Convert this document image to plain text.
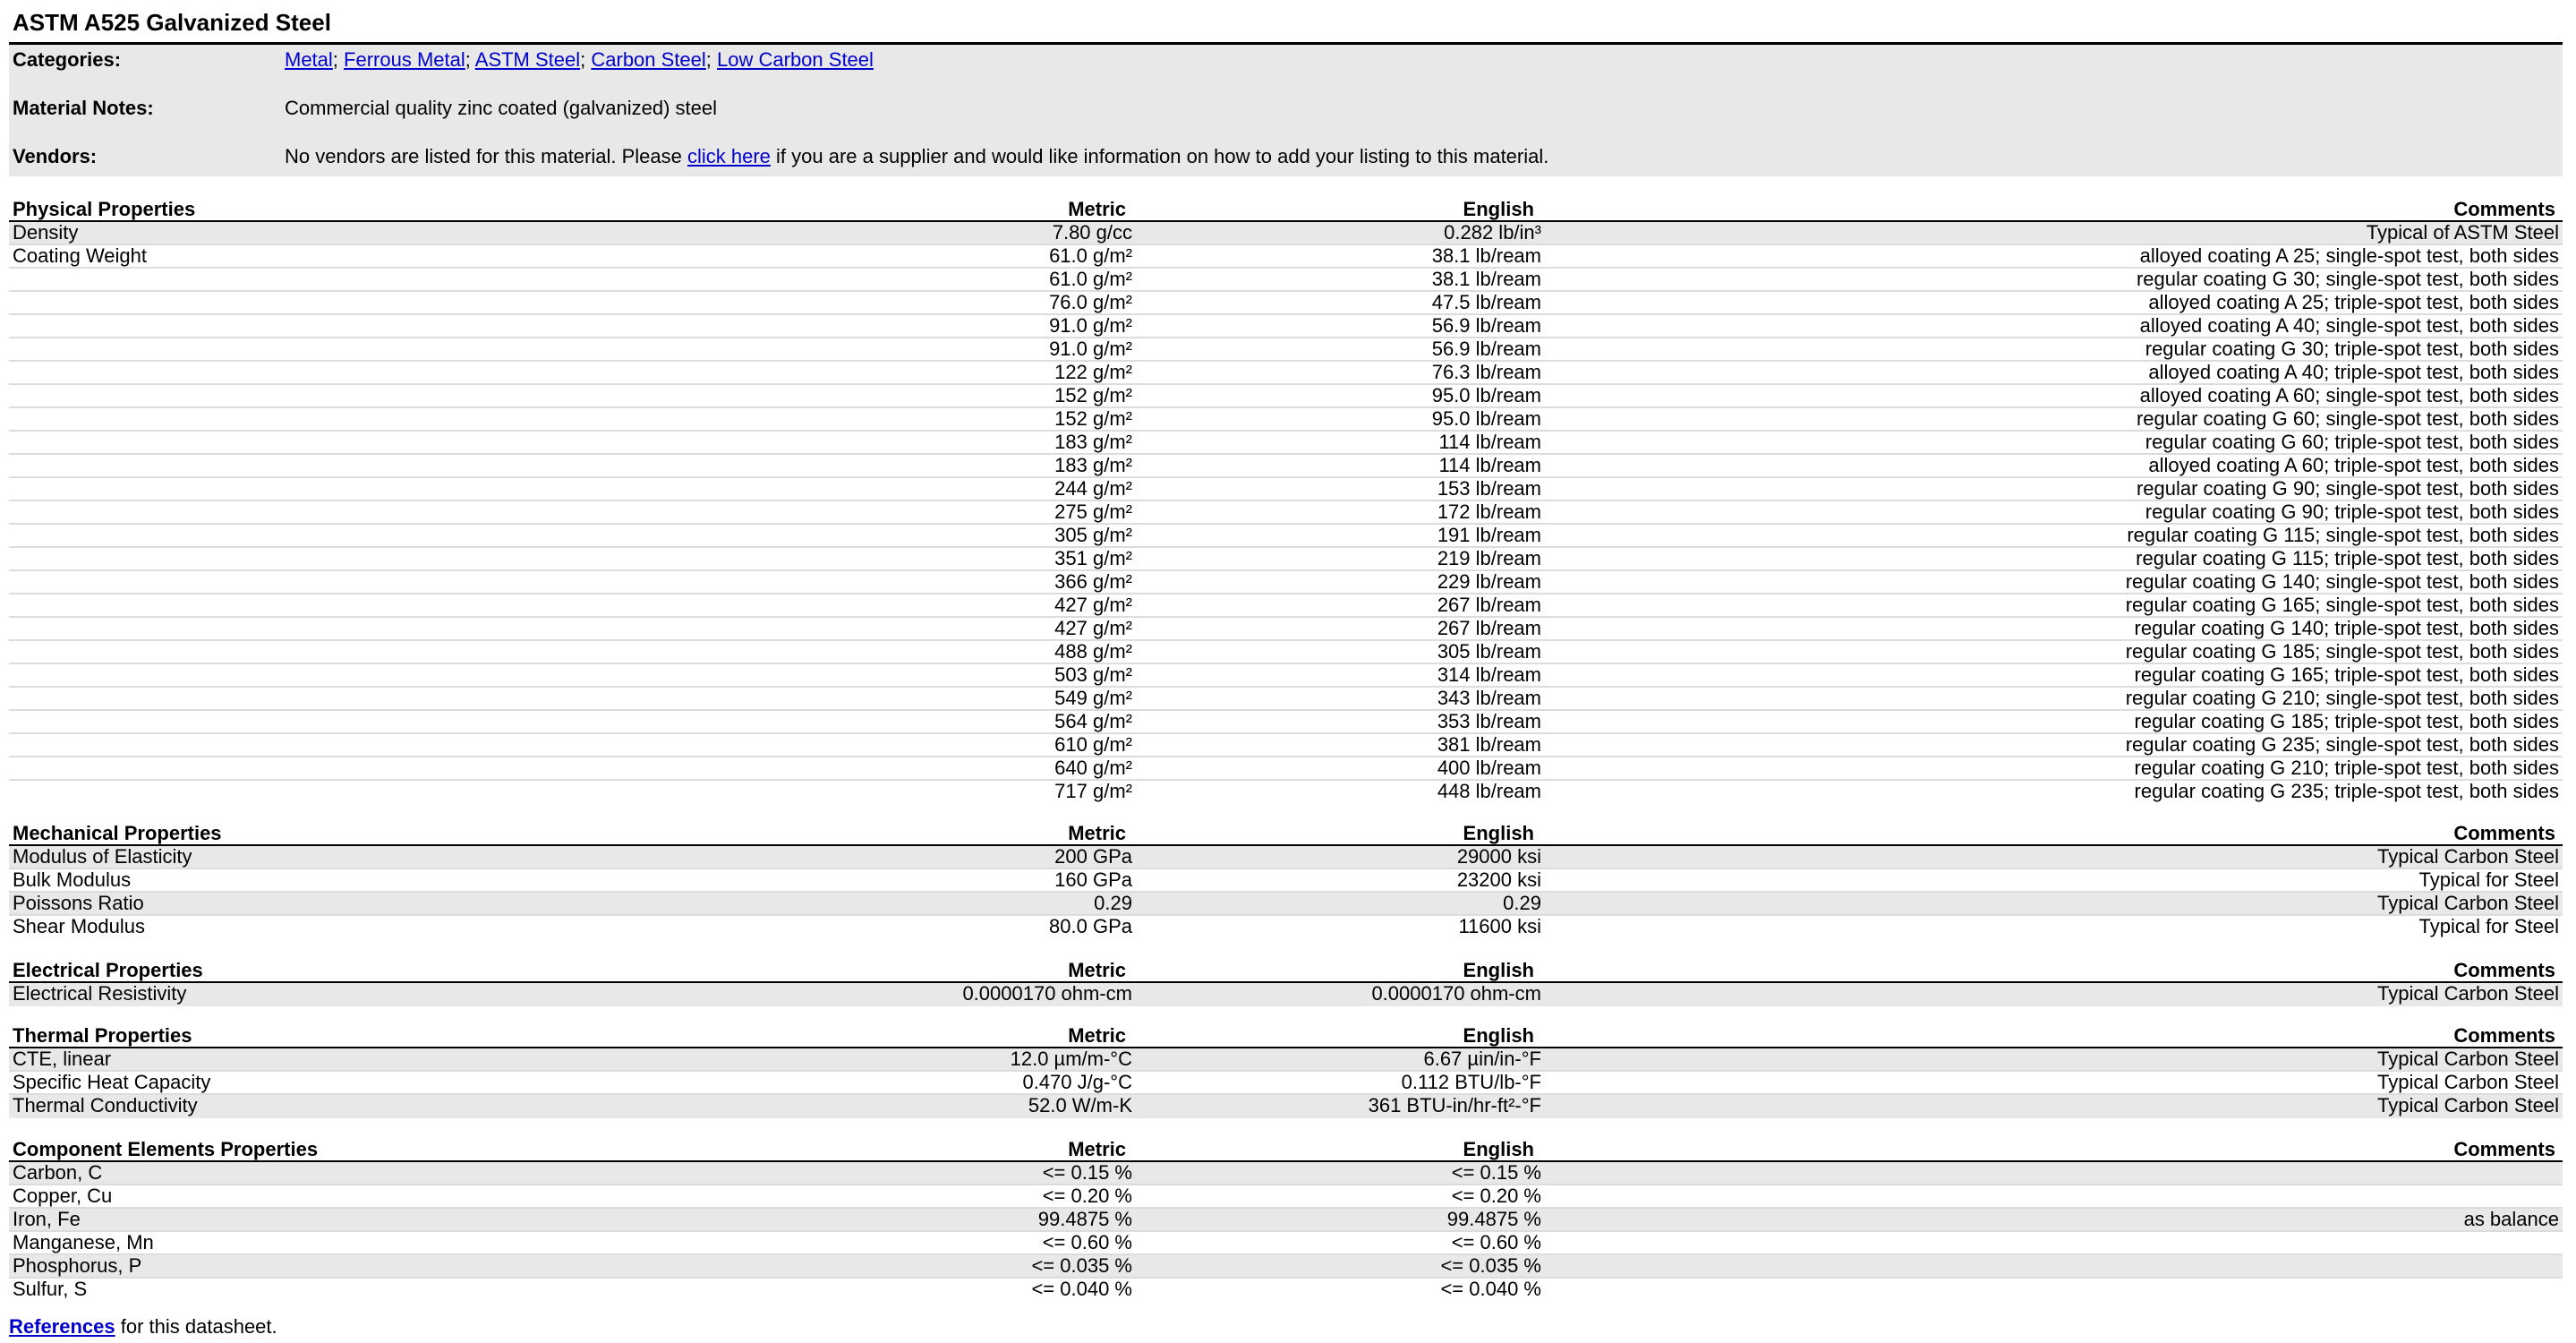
ASTM A525 Galvanized Steel
Categories:	Metal; Ferrous Metal; ASTM Steel; Carbon Steel; Low Carbon Steel
Material Notes:	Commercial quality zinc coated (galvanized) steel
Vendors:	No vendors are listed for this material. Please click here if you are a supplier and would like information on how to add your listing to this material.
Physical Properties	Metric	English	Comments
Density	7.80 g/cc	0.282 lb/in³	Typical of ASTM Steel
Coating Weight	61.0 g/m²	38.1 lb/ream	alloyed coating A 25; single-spot test, both sides
61.0 g/m²	38.1 lb/ream	regular coating G 30; single-spot test, both sides
76.0 g/m²	47.5 lb/ream	alloyed coating A 25; triple-spot test, both sides
91.0 g/m²	56.9 lb/ream	alloyed coating A 40; single-spot test, both sides
91.0 g/m²	56.9 lb/ream	regular coating G 30; triple-spot test, both sides
122 g/m²	76.3 lb/ream	alloyed coating A 40; triple-spot test, both sides
152 g/m²	95.0 lb/ream	alloyed coating A 60; single-spot test, both sides
152 g/m²	95.0 lb/ream	regular coating G 60; single-spot test, both sides
183 g/m²	114 lb/ream	regular coating G 60; triple-spot test, both sides
183 g/m²	114 lb/ream	alloyed coating A 60; triple-spot test, both sides
244 g/m²	153 lb/ream	regular coating G 90; single-spot test, both sides
275 g/m²	172 lb/ream	regular coating G 90; triple-spot test, both sides
305 g/m²	191 lb/ream	regular coating G 115; single-spot test, both sides
351 g/m²	219 lb/ream	regular coating G 115; triple-spot test, both sides
366 g/m²	229 lb/ream	regular coating G 140; single-spot test, both sides
427 g/m²	267 lb/ream	regular coating G 165; single-spot test, both sides
427 g/m²	267 lb/ream	regular coating G 140; triple-spot test, both sides
488 g/m²	305 lb/ream	regular coating G 185; single-spot test, both sides
503 g/m²	314 lb/ream	regular coating G 165; triple-spot test, both sides
549 g/m²	343 lb/ream	regular coating G 210; single-spot test, both sides
564 g/m²	353 lb/ream	regular coating G 185; triple-spot test, both sides
610 g/m²	381 lb/ream	regular coating G 235; single-spot test, both sides
640 g/m²	400 lb/ream	regular coating G 210; triple-spot test, both sides
717 g/m²	448 lb/ream	regular coating G 235; triple-spot test, both sides
Mechanical Properties	Metric	English	Comments
Modulus of Elasticity	200 GPa	29000 ksi	Typical Carbon Steel
Bulk Modulus	160 GPa	23200 ksi	Typical for Steel
Poissons Ratio	0.29	0.29	Typical Carbon Steel
Shear Modulus	80.0 GPa	11600 ksi	Typical for Steel
Electrical Properties	Metric	English	Comments
Electrical Resistivity	0.0000170 ohm-cm	0.0000170 ohm-cm	Typical Carbon Steel
Thermal Properties	Metric	English	Comments
CTE, linear	12.0 µm/m-°C	6.67 µin/in-°F	Typical Carbon Steel
Specific Heat Capacity	0.470 J/g-°C	0.112 BTU/lb-°F	Typical Carbon Steel
Thermal Conductivity	52.0 W/m-K	361 BTU-in/hr-ft²-°F	Typical Carbon Steel
Component Elements Properties	Metric	English	Comments
Carbon, C	<= 0.15 %	<= 0.15 %
Copper, Cu	<= 0.20 %	<= 0.20 %
Iron, Fe	99.4875 %	99.4875 %	as balance
Manganese, Mn	<= 0.60 %	<= 0.60 %
Phosphorus, P	<= 0.035 %	<= 0.035 %
Sulfur, S	<= 0.040 %	<= 0.040 %
References for this datasheet.
